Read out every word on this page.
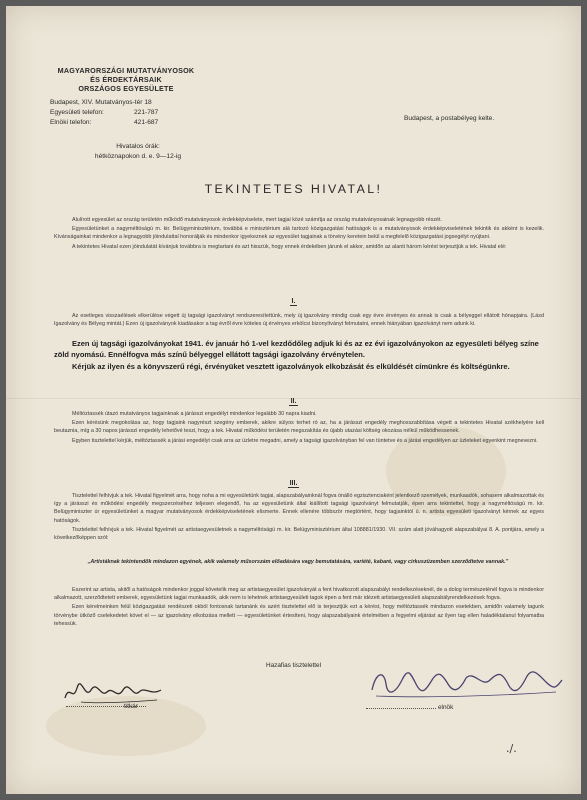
MAGYARORSZÁGI MUTATVÁNYOSOK
ÉS ÉRDEKTÁRSAIK
ORSZÁGOS EGYESÜLETE
Budapest, XIV. Mutatványos-tér 18
Egyesületi telefon:	221-787
Elnöki telefon:	421-687
Hivatalos órák:
hétköznapokon d. e. 9—12-ig
Budapest, a postabélyeg kelte.
TEKINTETES HIVATAL!

Alulírott egyesület az ország területén működő mutatványosok érdekképviselete, mert tagjai közé számítja az ország mutatványosainak legnagyobb részét.

Egyesületünket a nagyméltóságú m. kir. Belügyminisztérium, továbbá e minisztérium alá tartozó közigazgatási hatóságok is a mutatványosok érdekképviseletének tekintik és akként is kezelik. Kívánságainkat mindenkor a legnagyobb jóindulattal honorálják és mindenkor igyekeznek az egyesület tagjainak a törvény keretein belül a megfelelő közigazgatási jogsegélyt nyújtani.

A tekintetes Hivatal ezen jóindulatát kívánjuk továbbra is megtartani és azt hisszük, hogy ennek érdekében járunk el akkor, amidőn az alanti három kérést terjesztjük a tek. Hivatal elé:

I.

Az esetleges visszaélések elkerülése végett új tagsági igazolványt rendszeresítettünk, mely új igazolvány mindig csak egy évre érvényes és annak is csak a bélyeggel ellátott hónapjaira. (Lásd Igazolvány és Bélyeg mintát.) Ezen új igazolványok kiadásakor a tag évről évre köteles új érvényes erkölcsi bizonyítványt felmutatni, ennek hiányában igazolványt nem adunk ki.

Ezen új tagsági igazolványokat 1941. év január hó 1-vel kezdődőleg adjuk ki és az ez évi igazolványokon az egyesületi bélyeg színe zöld nyomású. Ennélfogva más színű bélyeggel ellátott tagsági igazolvány érvénytelen.

Kérjük az ilyen és a könyvszerű régi, érvényüket vesztett igazolványok elkobzását és elküldését címünkre és költségünkre.

II.

Méltóztassék útazó mutatványos tagjainknak a járásszi engedélyt mindenkor legalább 30 napra kiadni.

Ezen kérésünk megokolása az, hogy tagjaink nagyrészt szegény emberek, akikre súlyos terhet ró az, ha a járásszi engedély meghosszabbítása végett a tekintetes Hivatal székhelyére kell beutaznia, míg a 30 napos járásszi engedély lehetővé teszi, hogy a tek. Hivatal működési területén megszakítás és újabb utazási költség okozása nélkül működhessenek.

Egyben tisztelettel kérjük, méltóztassék a járási engedélyt csak arra az üzletre megadni, amely a tagsági igazolványban fel van tüntetve és a járási engedélyen az üzleteket egyenkint megnevezni.

III.

Tisztelettel felhívjuk a tek. Hivatal figyelmét arra, hogy noha a mi egyesületünk tagjai, alapszabályainknál fogva önálló egzisztenciaként jelentkező személyek, munkaadók, sohasem alkalmazottak és így a járásszi és működési engedély megszerzéséhez teljesen elegendő, ha az egyesületünk által kiállított tagsági igazolványt felmutatják, épen arra tekintettel, hogy a nagyméltóságú m. kir. Belügyminiszter úr egyesületünket a magyar mutatványosok érdekképviseletének elismerte. Ennek ellenére többször megtörtént, hogy tagjainktól ú. n. artista egyesületi igazolványt kérnek az egyes hatóságok.

Tisztelettel felhívjuk a tek. Hivatal figyelmét az artistaegyesületnek a nagyméltóságú m. kir. Belügyminisztérium által 108881/1930. VII. szám alatt jóváhagyott alapszabályai 8. A. pontjára, amely a következőképpen szól:

„Artistáknak tekintendők mindazon egyének, akik valamely műsorszám előadására vagy bemutatására, variété, kabaré, vagy cirkuszüzemben szerződtetve vannak.”

Eszerint az artista, akitől a hatóságok mindenkor joggal követelik meg az artistaegyesület igazolványát a fent hivatkozott alapszabályi rendelkezéseknél, de a dolog természeténél fogva is mindenkor alkalmazott, szerződtetett emberek, egyesületünk tagjai munkaadók, akik nem is lehetnek artistaegyesületi tagok épen a fent már idézett artistaegyesületi alapszabályrendelkezések fogva.

Ezen kérelmeinken felül közigazgatási rendészeti okból fontosnak tartanánk és azért tisztelettel elő is terjesztjük ezt a kérést, hogy méltóztassék mindazon esetekben, amidőn valamely tagunk törvénybe ütköző cselekedetet követ el — az igazolvány elkobzása mellett — egyesületünket értesíteni, hogy alapszabályaink értelmében a fegyelmi eljárást az ilyen tag ellen haladéktalanul folyamatba tehessük.

Hazafias tisztelettel
titkár	elnök
./.
